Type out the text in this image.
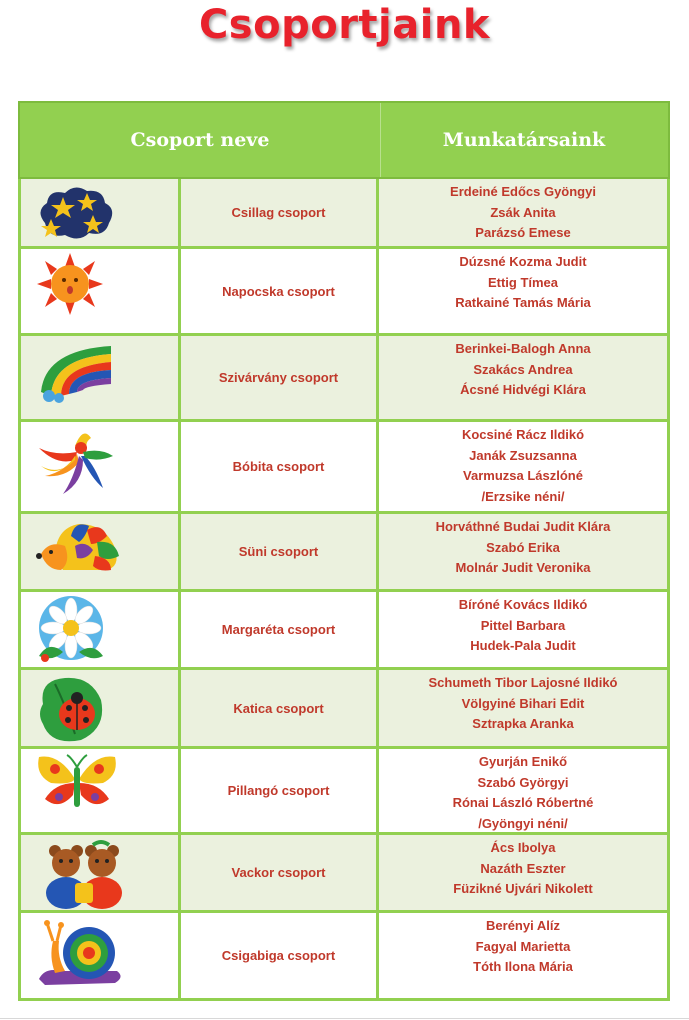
Csoportjaink
Csoport neve	Munkatársaink
Csillag csoport
Erdeiné Edőcs Gyöngyi
Zsák Anita
Parázsó Emese
Napocska csoport
Dúzsné Kozma Judit
Ettig Tímea
Ratkainé Tamás Mária
Szivárvány csoport
Berinkei-Balogh Anna
Szakács Andrea
Ácsné Hidvégi Klára
Bóbita csoport
Kocsiné Rácz Ildikó
Janák Zsuzsanna
Varmuzsa Lászlóné
/Erzsike néni/
Süni csoport
Horváthné Budai Judit Klára
Szabó Erika
Molnár Judit Veronika
Margaréta csoport
Bíróné Kovács Ildikó
Pittel Barbara
Hudek-Pala Judit
Katica csoport
Schumeth Tibor Lajosné Ildikó
Völgyiné Bihari Edit
Sztrapka Aranka
Pillangó csoport
Gyurján Enikő
Szabó Györgyi
Rónai László Róbertné
/Gyöngyi néni/
Vackor csoport
Ács Ibolya
Nazáth Eszter
Füzikné Ujvári Nikolett
Csigabiga csoport
Berényi Alíz
Fagyal Marietta
Tóth Ilona Mária
